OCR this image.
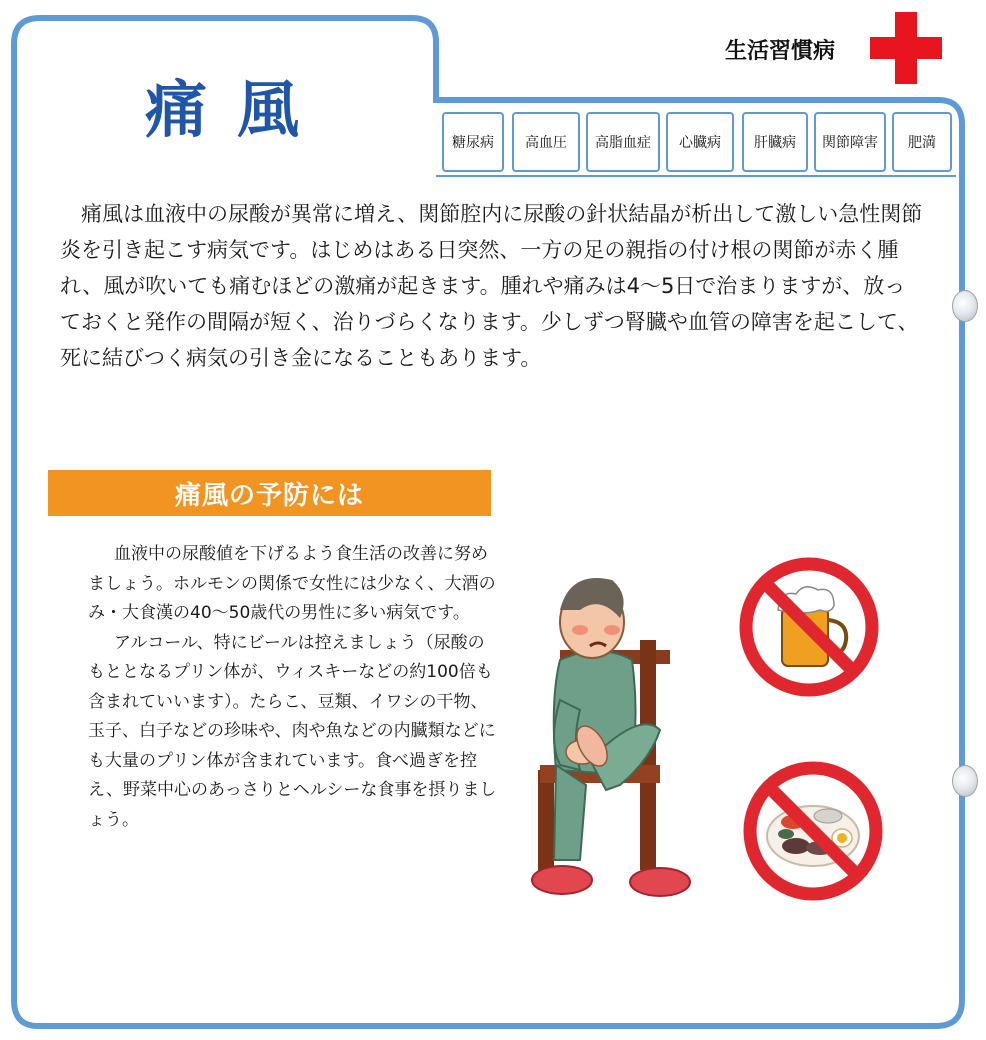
生活習慣病
痛風	糖尿病	高血圧	高脂血症	心臓病	肝臓病	関節障害	肥満
痛風は血液中の尿酸が異常に増え、関節腔内に尿酸の針状結晶が析出して激しい急性関節炎を引き起こす病気です。はじめはある日突然、一方の足の親指の付け根の関節が赤く腫れ、風が吹いても痛むほどの激痛が起きます。腫れや痛みは4～5日で治まりますが、放っておくと発作の間隔が短く、治りづらくなります。少しずつ腎臓や血管の障害を起こして、死に結びつく病気の引き金になることもあります。
痛風の予防には

血液中の尿酸値を下げるよう食生活の改善に努めましょう。ホルモンの関係で女性には少なく、大酒のみ・大食漢の40～50歳代の男性に多い病気です。

アルコール、特にビールは控えましょう（尿酸のもととなるプリン体が、ウィスキーなどの約100倍も含まれていいます）。たらこ、豆類、イワシの干物、玉子、白子などの珍味や、肉や魚などの内臓類などにも大量のプリン体が含まれています。食べ過ぎを控え、野菜中心のあっさりとヘルシーな食事を摂りましょう。
